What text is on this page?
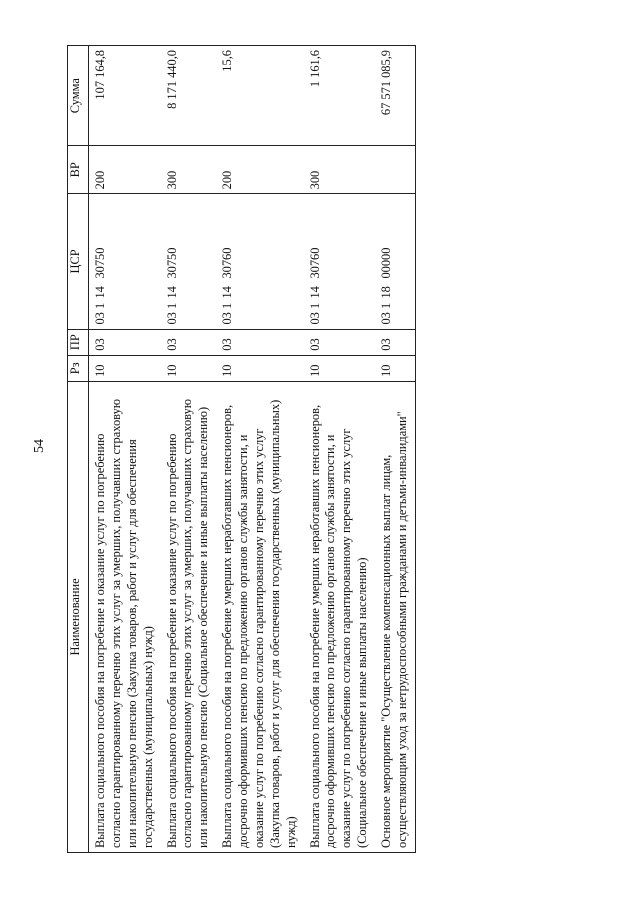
54
Наименование	Рз	ПР	ЦСР	ВР	Сумма
Выплата социального пособия на погребение и оказание услуг по погребению согласно гарантированному перечню этих услуг за умерших, получавших страховую или накопительную пенсию (Закупка товаров, работ и услуг для обеспечения государственных (муниципальных) нужд)	10	03	03 11430750	200	107 164,8
Выплата социального пособия на погребение и оказание услуг по погребению согласно гарантированному перечню этих услуг за умерших, получавших страховую или накопительную пенсию (Социальное обеспечение и иные выплаты населению)	10	03	03 11430750	300	8 171 440,0
Выплата социального пособия на погребение умерших неработавших пенсионеров, досрочно оформивших пенсию по предложению органов службы занятости, и оказание услуг по погребению согласно гарантированному перечню этих услуг (Закупка товаров, работ и услуг для обеспечения государственных (муниципальных) нужд)	10	03	03 11430760	200	15,6
Выплата социального пособия на погребение умерших неработавших пенсионеров, досрочно оформивших пенсию по предложению органов службы занятости, и оказание услуг по погребению согласно гарантированному перечню этих услуг (Социальное обеспечение и иные выплаты населению)	10	03	03 11430760	300	1 161,6
Основное мероприятие "Осуществление компенсационных выплат лицам, осуществляющим уход за нетрудоспособными гражданами и детьми-инвалидами"	10	03	03 11800000		67 571 085,9
